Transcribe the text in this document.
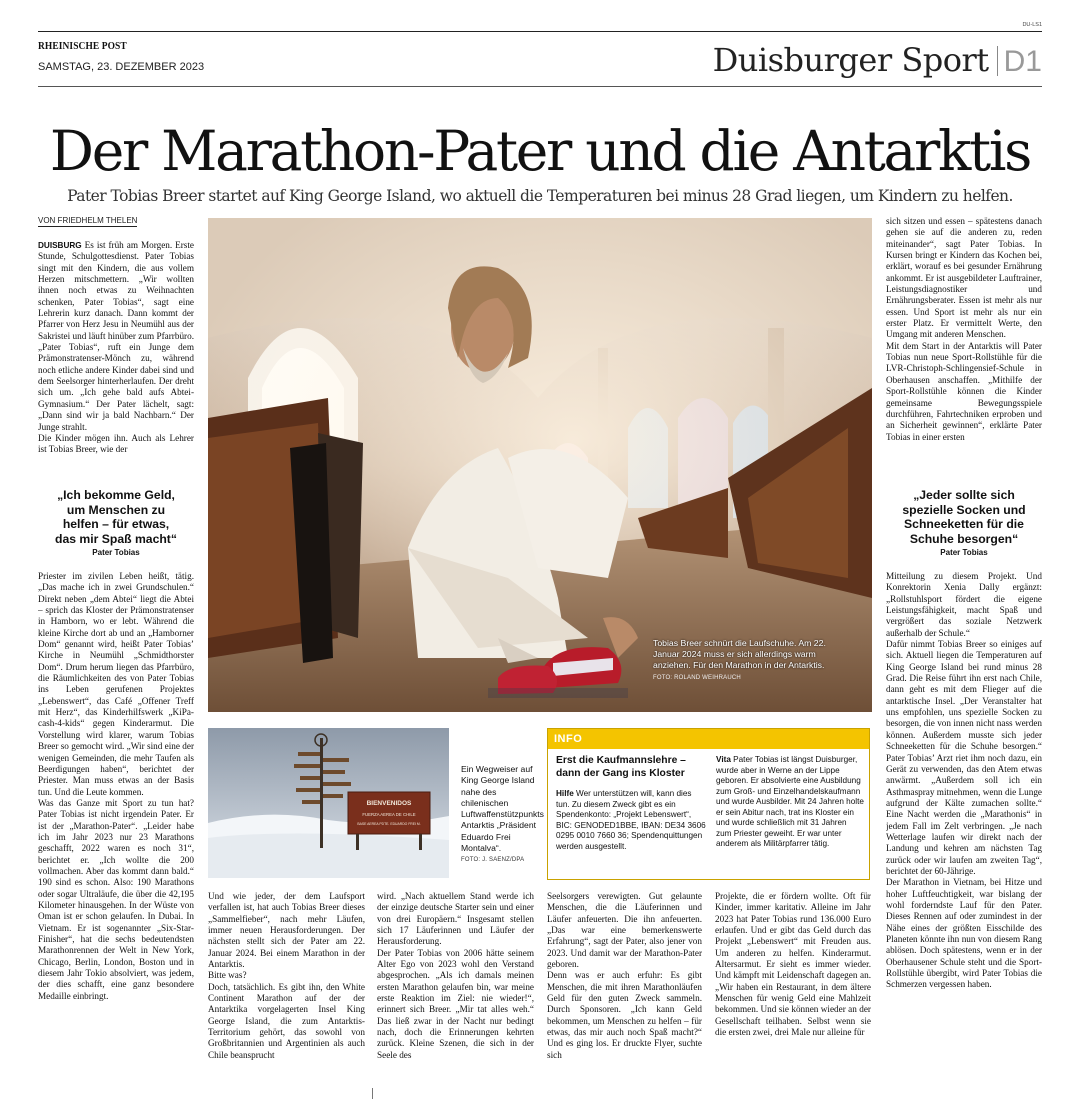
DU-LS1
RHEINISCHE POST
SAMSTAG, 23. DEZEMBER 2023	Duisburger Sport D1
Der Marathon-Pater und die Antarktis
Pater Tobias Breer startet auf King George Island, wo aktuell die Temperaturen bei minus 28 Grad liegen, um Kindern zu helfen.
VON FRIEDHELM THELEN
DUISBURG Es ist früh am Morgen. Erste Stunde, Schulgottesdienst. Pater Tobias singt mit den Kindern, die aus vollem Herzen mitschmettern. „Wir wollten ihnen noch etwas zu Weihnachten schenken, Pater Tobias“, sagt eine Lehrerin kurz danach. Dann kommt der Pfarrer von Herz Jesu in Neumühl aus der Sakristei und läuft hinüber zum Pfarrbüro. „Pater Tobias“, ruft ein Junge dem Prämonstratenser-Mönch zu, während noch etliche andere Kinder dabei sind und dem Seelsorger hinterherlaufen. Der dreht sich um. „Ich gehe bald aufs Abtei-Gymnasium.“ Der Pater lächelt, sagt: „Dann sind wir ja bald Nachbarn.“ Der Junge strahlt.
Die Kinder mögen ihn. Auch als Lehrer ist Tobias Breer, wie der
„Ich bekomme Geld,
um Menschen zu
helfen – für etwas,
das mir Spaß macht“
Pater Tobias
Priester im zivilen Leben heißt, tätig. „Das mache ich in zwei Grundschulen.“ Direkt neben „dem Abtei“ liegt die Abtei – sprich das Kloster der Prämonstratenser in Hamborn, wo er lebt. Während die kleine Kirche dort ab und an „Hamborner Dom“ genannt wird, heißt Pater Tobias’ Kirche in Neumühl „Schmidthorster Dom“. Drum herum liegen das Pfarrbüro, die Räumlichkeiten des von Pater Tobias ins Leben gerufenen Projektes „Lebenswert“, das Café „Offener Treff mit Herz“, das Kinderhilfswerk „KiPa-cash-4-kids“ gegen Kinderarmut. Die Vorstellung wird klarer, warum Tobias Breer so gemocht wird. „Wir sind eine der wenigen Gemeinden, die mehr Taufen als Beerdigungen haben“, berichtet der Priester. Man muss etwas an der Basis tun. Und die Leute kommen.
Was das Ganze mit Sport zu tun hat? Pater Tobias ist nicht irgendein Pater. Er ist der „Marathon-Pater“. „Leider habe ich im Jahr 2023 nur 23 Marathons geschafft, 2022 waren es noch 31“, berichtet er. „Ich wollte die 200 vollmachen. Aber das kommt dann bald.“ 190 sind es schon. Also: 190 Marathons oder sogar Ultraläufe, die über die 42,195 Kilometer hinausgehen. In der Wüste von Oman ist er schon gelaufen. In Dubai. In Vietnam. Er ist sogenannter „Six-Star-Finisher“, hat die sechs bedeutendsten Marathonrennen der Welt in New York, Chicago, Berlin, London, Boston und in diesem Jahr Tokio absolviert, was jedem, der dies schafft, eine ganz besondere Medaille einbringt.
Tobias Breer schnürt die Laufschuhe. Am 22. Januar 2024 muss er sich allerdings warm anziehen. Für den Marathon in der Antarktis.
FOTO: ROLAND WEIHRAUCH
BIENVENIDOS
FUERZA AEREA DE CHILE
BASE AEREA PDTE. EDUARDO FREI M.
Ein Wegweiser auf King George Island nahe des chilenischen Luftwaffenstützpunkts Antarktis „Präsident Eduardo Frei Montalva“.
FOTO: J. SAENZ/DPA
INFO
Erst die Kaufmannslehre –
dann der Gang ins Kloster
Hilfe Wer unterstützen will, kann dies tun. Zu diesem Zweck gibt es ein Spendenkonto: „Projekt Lebenswert“, BIC: GENODED1BBE, IBAN: DE34 3606 0295 0010 7660 36; Spendenquittungen werden ausgestellt.
Vita Pater Tobias ist längst Duisburger, wurde aber in Werne an der Lippe geboren. Er absolvierte eine Ausbildung zum Groß- und Einzelhandelskaufmann und wurde Ausbilder. Mit 24 Jahren holte er sein Abitur nach, trat ins Kloster ein und wurde schließlich mit 31 Jahren zum Priester geweiht. Er war unter anderem als Militärpfarrer tätig.
Und wie jeder, der dem Laufsport verfallen ist, hat auch Tobias Breer dieses „Sammelfieber“, nach mehr Läufen, immer neuen Herausforderungen. Der nächsten stellt sich der Pater am 22. Januar 2024. Bei einem Marathon in der Antarktis.
Bitte was?
Doch, tatsächlich. Es gibt ihn, den White Continent Marathon auf der der Antarktika vorgelagerten Insel King George Island, die zum Antarktis-Territorium gehört, das sowohl von Großbritannien und Argentinien als auch Chile beansprucht
wird. „Nach aktuellem Stand werde ich der einzige deutsche Starter sein und einer von drei Europäern.“ Insgesamt stellen sich 17 Läuferinnen und Läufer der Herausforderung.
Der Pater Tobias von 2006 hätte seinem Alter Ego von 2023 wohl den Verstand abgesprochen. „Als ich damals meinen ersten Marathon gelaufen bin, war meine erste Reaktion im Ziel: nie wieder!“, erinnert sich Breer. „Mir tat alles weh.“ Das ließ zwar in der Nacht nur bedingt nach, doch die Erinnerungen kehrten zurück. Kleine Szenen, die sich in der Seele des
Seelsorgers verewigten. Gut gelaunte Menschen, die die Läuferinnen und Läufer anfeuerten. Die ihn anfeuerten. „Das war eine bemerkenswerte Erfahrung“, sagt der Pater, also jener von 2023. Und damit war der Marathon-Pater geboren.
Denn was er auch erfuhr: Es gibt Menschen, die mit ihren Marathonläufen Geld für den guten Zweck sammeln. Durch Sponsoren. „Ich kann Geld bekommen, um Menschen zu helfen – für etwas, das mir auch noch Spaß macht?“ Und es ging los. Er druckte Flyer, suchte sich
Projekte, die er fördern wollte. Oft für Kinder, immer karitativ. Alleine im Jahr 2023 hat Pater Tobias rund 136.000 Euro erlaufen. Und er gibt das Geld durch das Projekt „Lebenswert“ mit Freuden aus. Um anderen zu helfen. Kinderarmut. Altersarmut. Er sieht es immer wieder. Und kämpft mit Leidenschaft dagegen an. „Wir haben ein Restaurant, in dem ältere Menschen für wenig Geld eine Mahlzeit bekommen. Und sie können wieder an der Gesellschaft teilhaben. Selbst wenn sie die ersten zwei, drei Male nur alleine für
sich sitzen und essen – spätestens danach gehen sie auf die anderen zu, reden miteinander“, sagt Pater Tobias. In Kursen bringt er Kindern das Kochen bei, erklärt, worauf es bei gesunder Ernährung ankommt. Er ist ausgebildeter Lauftrainer, Leistungsdiagnostiker und Ernährungsberater. Essen ist mehr als nur essen. Und Sport ist mehr als nur ein erster Platz. Er vermittelt Werte, den Umgang mit anderen Menschen.
Mit dem Start in der Antarktis will Pater Tobias nun neue Sport-Rollstühle für die LVR-Christoph-Schlingensief-Schule in Oberhausen anschaffen. „Mithilfe der Sport-Rollstühle können die Kinder gemeinsame Bewegungsspiele durchführen, Fahrtechniken erproben und an Sicherheit gewinnen“, erklärte Pater Tobias in einer ersten
„Jeder sollte sich
spezielle Socken und
Schneeketten für die
Schuhe besorgen“
Pater Tobias
Mitteilung zu diesem Projekt. Und Konrektorin Xenia Dally ergänzt: „Rollstuhlsport fördert die eigene Leistungsfähigkeit, macht Spaß und vergrößert das soziale Netzwerk außerhalb der Schule.“
Dafür nimmt Tobias Breer so einiges auf sich. Aktuell liegen die Temperaturen auf King George Island bei rund minus 28 Grad. Die Reise führt ihn erst nach Chile, dann geht es mit dem Flieger auf die antarktische Insel. „Der Veranstalter hat uns empfohlen, uns spezielle Socken zu besorgen, die von innen nicht nass werden können. Außerdem musste sich jeder Schneeketten für die Schuhe besorgen.“ Pater Tobias’ Arzt riet ihm noch dazu, ein Gerät zu verwenden, das den Atem etwas anwärmt. „Außerdem soll ich ein Asthmaspray mitnehmen, wenn die Lunge aufgrund der Kälte zumachen sollte.“ Eine Nacht werden die „Marathonis“ in jedem Fall im Zelt verbringen. „Je nach Wetterlage laufen wir direkt nach der Landung und kehren am nächsten Tag zurück oder wir laufen am zweiten Tag“, berichtet der 60-Jährige.
Der Marathon in Vietnam, bei Hitze und hoher Luftfeuchtigkeit, war bislang der wohl forderndste Lauf für den Pater. Dieses Rennen auf oder zumindest in der Nähe eines der größten Eisschilde des Planeten könnte ihn nun von diesem Rang ablösen. Doch spätestens, wenn er in der Oberhausener Schule steht und die Sport-Rollstühle übergibt, wird Pater Tobias die Schmerzen vergessen haben.
